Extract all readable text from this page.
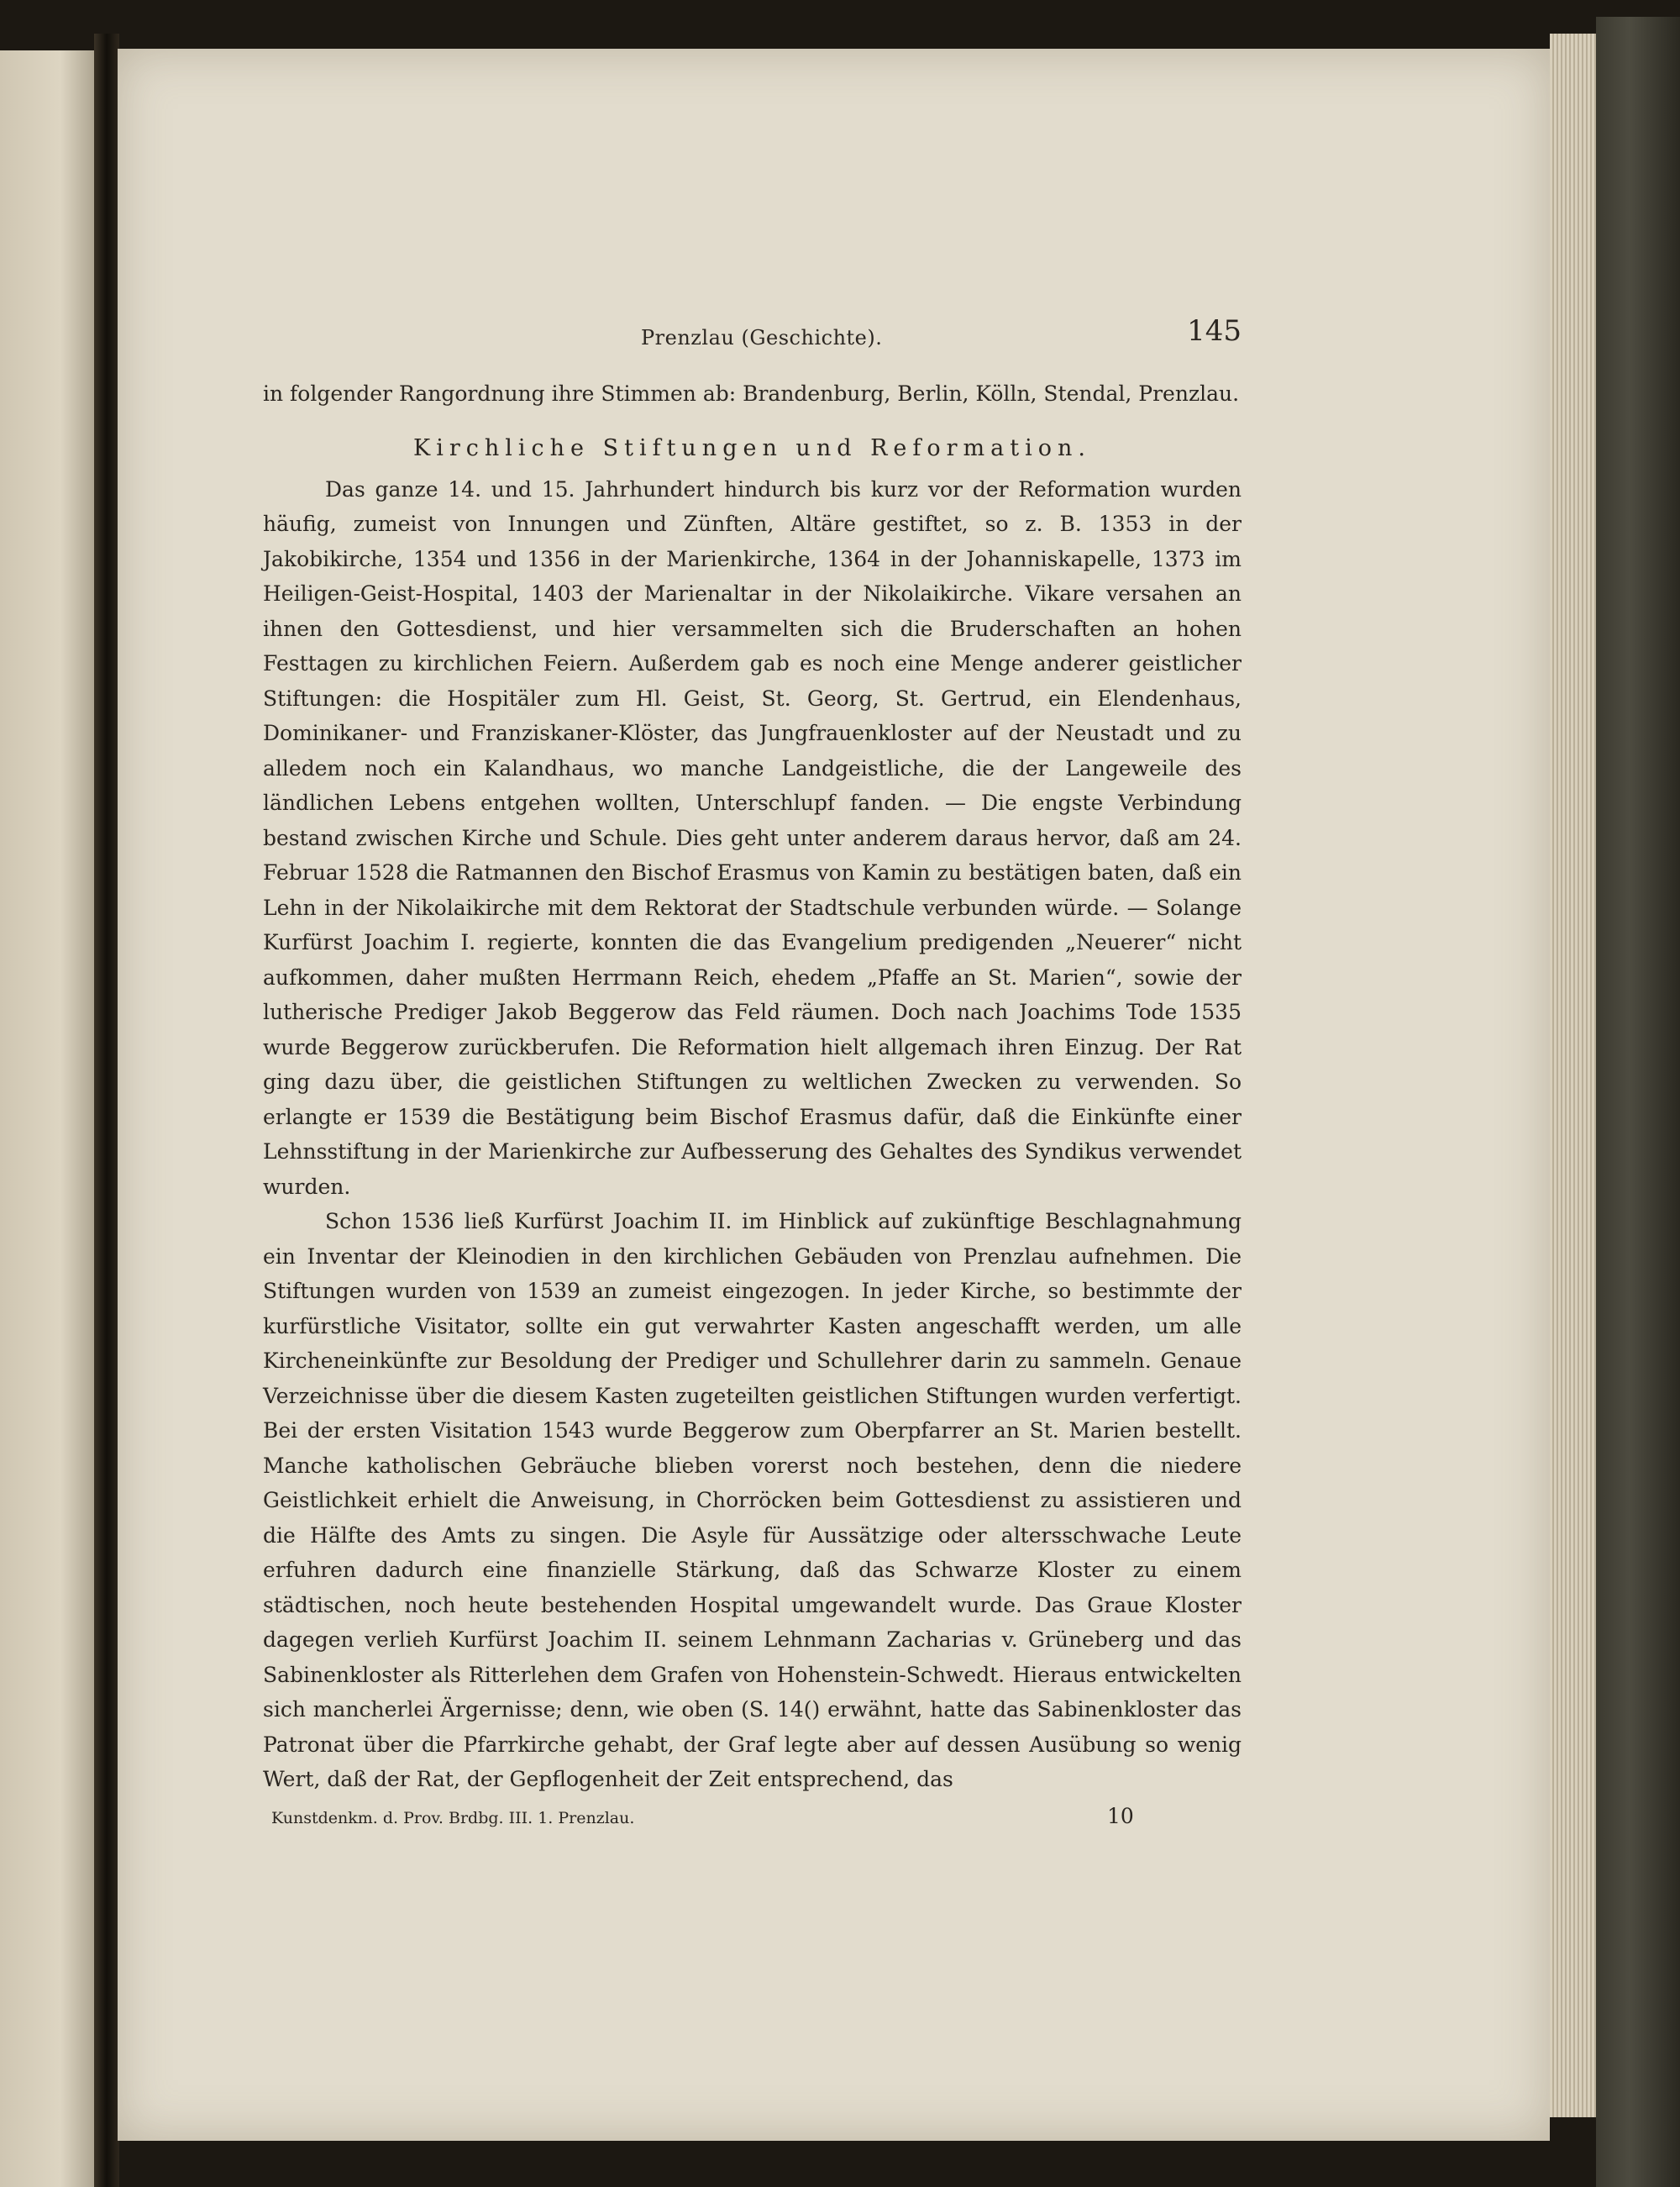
Prenzlau (Geschichte).	145

in folgender Rangordnung ihre Stimmen ab: Brandenburg, Berlin, Kölln, Stendal, Prenzlau.

Kirchliche Stiftungen und Reformation.

Das ganze 14. und 15. Jahrhundert hindurch bis kurz vor der Reformation wurden häufig, zumeist von Innungen und Zünften, Altäre gestiftet, so z. B. 1353 in der Jakobikirche, 1354 und 1356 in der Marienkirche, 1364 in der Johanniskapelle, 1373 im Heiligen-Geist-Hospital, 1403 der Marienaltar in der Nikolaikirche. Vikare versahen an ihnen den Gottesdienst, und hier versammelten sich die Bruderschaften an hohen Festtagen zu kirchlichen Feiern. Außerdem gab es noch eine Menge anderer geistlicher Stiftungen: die Hospitäler zum Hl. Geist, St. Georg, St. Gertrud, ein Elendenhaus, Dominikaner- und Franziskaner-Klöster, das Jungfrauenkloster auf der Neustadt und zu alledem noch ein Kalandhaus, wo manche Landgeistliche, die der Langeweile des ländlichen Lebens entgehen wollten, Unterschlupf fanden. — Die engste Verbindung bestand zwischen Kirche und Schule. Dies geht unter anderem daraus hervor, daß am 24. Februar 1528 die Ratmannen den Bischof Erasmus von Kamin zu bestätigen baten, daß ein Lehn in der Nikolaikirche mit dem Rektorat der Stadtschule verbunden würde. — Solange Kurfürst Joachim I. regierte, konnten die das Evangelium predigenden „Neuerer“ nicht aufkommen, daher mußten Herrmann Reich, ehedem „Pfaffe an St. Marien“, sowie der lutherische Prediger Jakob Beggerow das Feld räumen. Doch nach Joachims Tode 1535 wurde Beggerow zurückberufen. Die Reformation hielt allgemach ihren Einzug. Der Rat ging dazu über, die geistlichen Stiftungen zu weltlichen Zwecken zu verwenden. So erlangte er 1539 die Bestätigung beim Bischof Erasmus dafür, daß die Einkünfte einer Lehnsstiftung in der Marienkirche zur Aufbesserung des Gehaltes des Syndikus verwendet wurden.

Schon 1536 ließ Kurfürst Joachim II. im Hinblick auf zukünftige Beschlagnahmung ein Inventar der Kleinodien in den kirchlichen Gebäuden von Prenzlau aufnehmen. Die Stiftungen wurden von 1539 an zumeist eingezogen. In jeder Kirche, so bestimmte der kurfürstliche Visitator, sollte ein gut verwahrter Kasten angeschafft werden, um alle Kircheneinkünfte zur Besoldung der Prediger und Schullehrer darin zu sammeln. Genaue Verzeichnisse über die diesem Kasten zugeteilten geistlichen Stiftungen wurden verfertigt. Bei der ersten Visitation 1543 wurde Beggerow zum Oberpfarrer an St. Marien bestellt. Manche katholischen Gebräuche blieben vorerst noch bestehen, denn die niedere Geistlichkeit erhielt die Anweisung, in Chorröcken beim Gottesdienst zu assistieren und die Hälfte des Amts zu singen. Die Asyle für Aussätzige oder altersschwache Leute erfuhren dadurch eine finanzielle Stärkung, daß das Schwarze Kloster zu einem städtischen, noch heute bestehenden Hospital umgewandelt wurde. Das Graue Kloster dagegen verlieh Kurfürst Joachim II. seinem Lehnmann Zacharias v. Grüneberg und das Sabinenkloster als Ritterlehen dem Grafen von Hohenstein-Schwedt. Hieraus entwickelten sich mancherlei Ärgernisse; denn, wie oben (S. 14() erwähnt, hatte das Sabinenkloster das Patronat über die Pfarrkirche gehabt, der Graf legte aber auf dessen Ausübung so wenig Wert, daß der Rat, der Gepflogenheit der Zeit entsprechend, das

Kunstdenkm. d. Prov. Brdbg. III. 1. Prenzlau.	10
